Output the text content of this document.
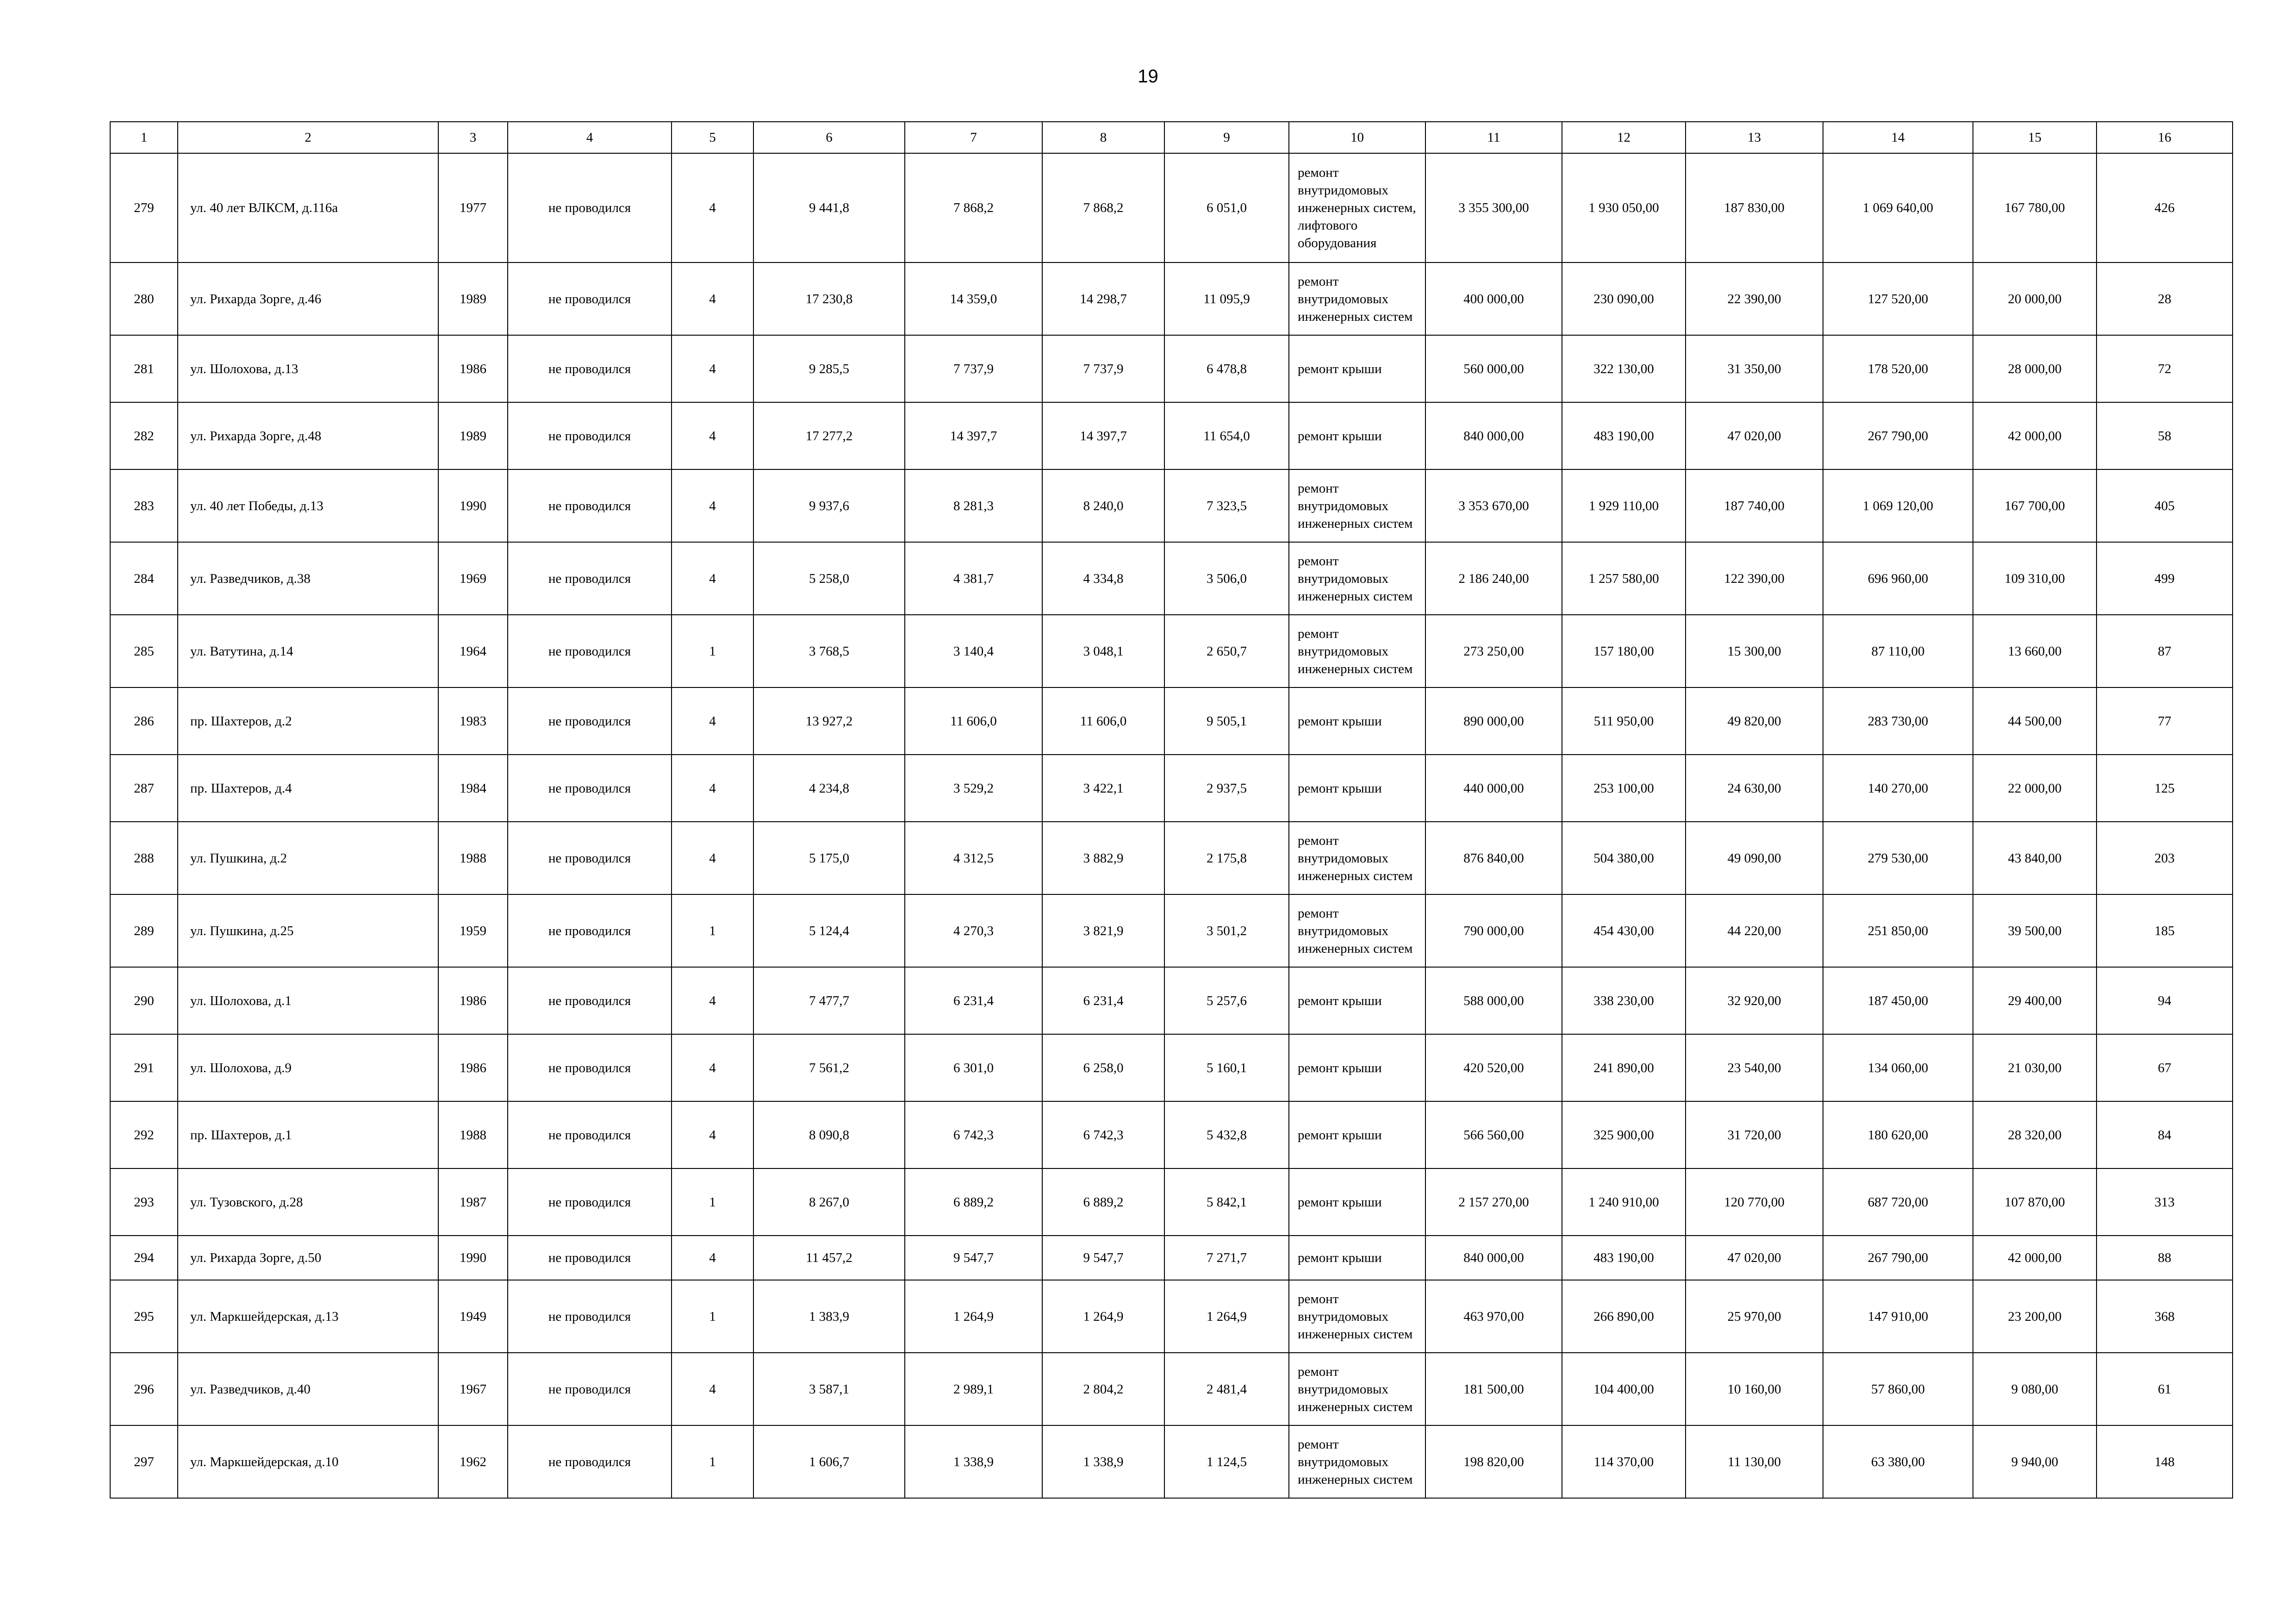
19
1	2	3	4	5	6	7	8	9	10	11	12	13	14	15	16
279	ул. 40 лет ВЛКСМ, д.116а	1977	не проводился	4	9 441,8	7 868,2	7 868,2	6 051,0	ремонт внутридомовых инженерных систем, лифтового оборудования	3 355 300,00	1 930 050,00	187 830,00	1 069 640,00	167 780,00	426
280	ул. Рихарда Зорге, д.46	1989	не проводился	4	17 230,8	14 359,0	14 298,7	11 095,9	ремонт внутридомовых инженерных систем	400 000,00	230 090,00	22 390,00	127 520,00	20 000,00	28
281	ул. Шолохова, д.13	1986	не проводился	4	9 285,5	7 737,9	7 737,9	6 478,8	ремонт крыши	560 000,00	322 130,00	31 350,00	178 520,00	28 000,00	72
282	ул. Рихарда Зорге, д.48	1989	не проводился	4	17 277,2	14 397,7	14 397,7	11 654,0	ремонт крыши	840 000,00	483 190,00	47 020,00	267 790,00	42 000,00	58
283	ул. 40 лет Победы, д.13	1990	не проводился	4	9 937,6	8 281,3	8 240,0	7 323,5	ремонт внутридомовых инженерных систем	3 353 670,00	1 929 110,00	187 740,00	1 069 120,00	167 700,00	405
284	ул. Разведчиков, д.38	1969	не проводился	4	5 258,0	4 381,7	4 334,8	3 506,0	ремонт внутридомовых инженерных систем	2 186 240,00	1 257 580,00	122 390,00	696 960,00	109 310,00	499
285	ул. Ватутина, д.14	1964	не проводился	1	3 768,5	3 140,4	3 048,1	2 650,7	ремонт внутридомовых инженерных систем	273 250,00	157 180,00	15 300,00	87 110,00	13 660,00	87
286	пр. Шахтеров, д.2	1983	не проводился	4	13 927,2	11 606,0	11 606,0	9 505,1	ремонт крыши	890 000,00	511 950,00	49 820,00	283 730,00	44 500,00	77
287	пр. Шахтеров, д.4	1984	не проводился	4	4 234,8	3 529,2	3 422,1	2 937,5	ремонт крыши	440 000,00	253 100,00	24 630,00	140 270,00	22 000,00	125
288	ул. Пушкина, д.2	1988	не проводился	4	5 175,0	4 312,5	3 882,9	2 175,8	ремонт внутридомовых инженерных систем	876 840,00	504 380,00	49 090,00	279 530,00	43 840,00	203
289	ул. Пушкина, д.25	1959	не проводился	1	5 124,4	4 270,3	3 821,9	3 501,2	ремонт внутридомовых инженерных систем	790 000,00	454 430,00	44 220,00	251 850,00	39 500,00	185
290	ул. Шолохова, д.1	1986	не проводился	4	7 477,7	6 231,4	6 231,4	5 257,6	ремонт крыши	588 000,00	338 230,00	32 920,00	187 450,00	29 400,00	94
291	ул. Шолохова, д.9	1986	не проводился	4	7 561,2	6 301,0	6 258,0	5 160,1	ремонт крыши	420 520,00	241 890,00	23 540,00	134 060,00	21 030,00	67
292	пр. Шахтеров, д.1	1988	не проводился	4	8 090,8	6 742,3	6 742,3	5 432,8	ремонт крыши	566 560,00	325 900,00	31 720,00	180 620,00	28 320,00	84
293	ул. Тузовского, д.28	1987	не проводился	1	8 267,0	6 889,2	6 889,2	5 842,1	ремонт крыши	2 157 270,00	1 240 910,00	120 770,00	687 720,00	107 870,00	313
294	ул. Рихарда Зорге, д.50	1990	не проводился	4	11 457,2	9 547,7	9 547,7	7 271,7	ремонт крыши	840 000,00	483 190,00	47 020,00	267 790,00	42 000,00	88
295	ул. Маркшейдерская, д.13	1949	не проводился	1	1 383,9	1 264,9	1 264,9	1 264,9	ремонт внутридомовых инженерных систем	463 970,00	266 890,00	25 970,00	147 910,00	23 200,00	368
296	ул. Разведчиков, д.40	1967	не проводился	4	3 587,1	2 989,1	2 804,2	2 481,4	ремонт внутридомовых инженерных систем	181 500,00	104 400,00	10 160,00	57 860,00	9 080,00	61
297	ул. Маркшейдерская, д.10	1962	не проводился	1	1 606,7	1 338,9	1 338,9	1 124,5	ремонт внутридомовых инженерных систем	198 820,00	114 370,00	11 130,00	63 380,00	9 940,00	148
